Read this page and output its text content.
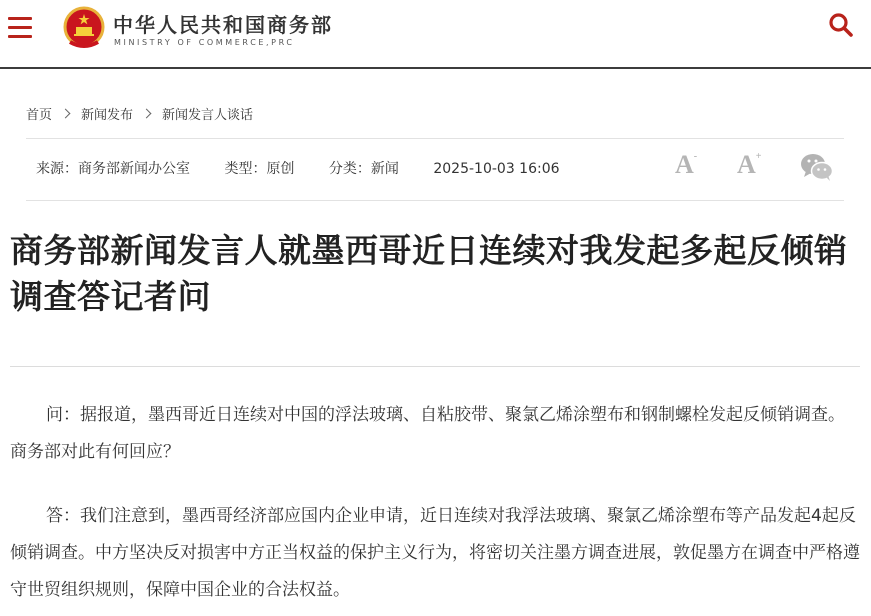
中华人民共和国商务部
MINISTRY OF COMMERCE,PRC
首页 新闻发布 新闻发言人谈话
来源：商务部新闻办公室 类型：原创 分类：新闻 2025-10-03 16:06	A- A+
商务部新闻发言人就墨西哥近日连续对我发起多起反倾销调查答记者问

问：据报道，墨西哥近日连续对中国的浮法玻璃、自粘胶带、聚氯乙烯涂塑布和钢制螺栓发起反倾销调查。商务部对此有何回应？

答：我们注意到，墨西哥经济部应国内企业申请，近日连续对我浮法玻璃、聚氯乙烯涂塑布等产品发起4起反倾销调查。中方坚决反对损害中方正当权益的保护主义行为，将密切关注墨方调查进展，敦促墨方在调查中严格遵守世贸组织规则，保障中国企业的合法权益。
